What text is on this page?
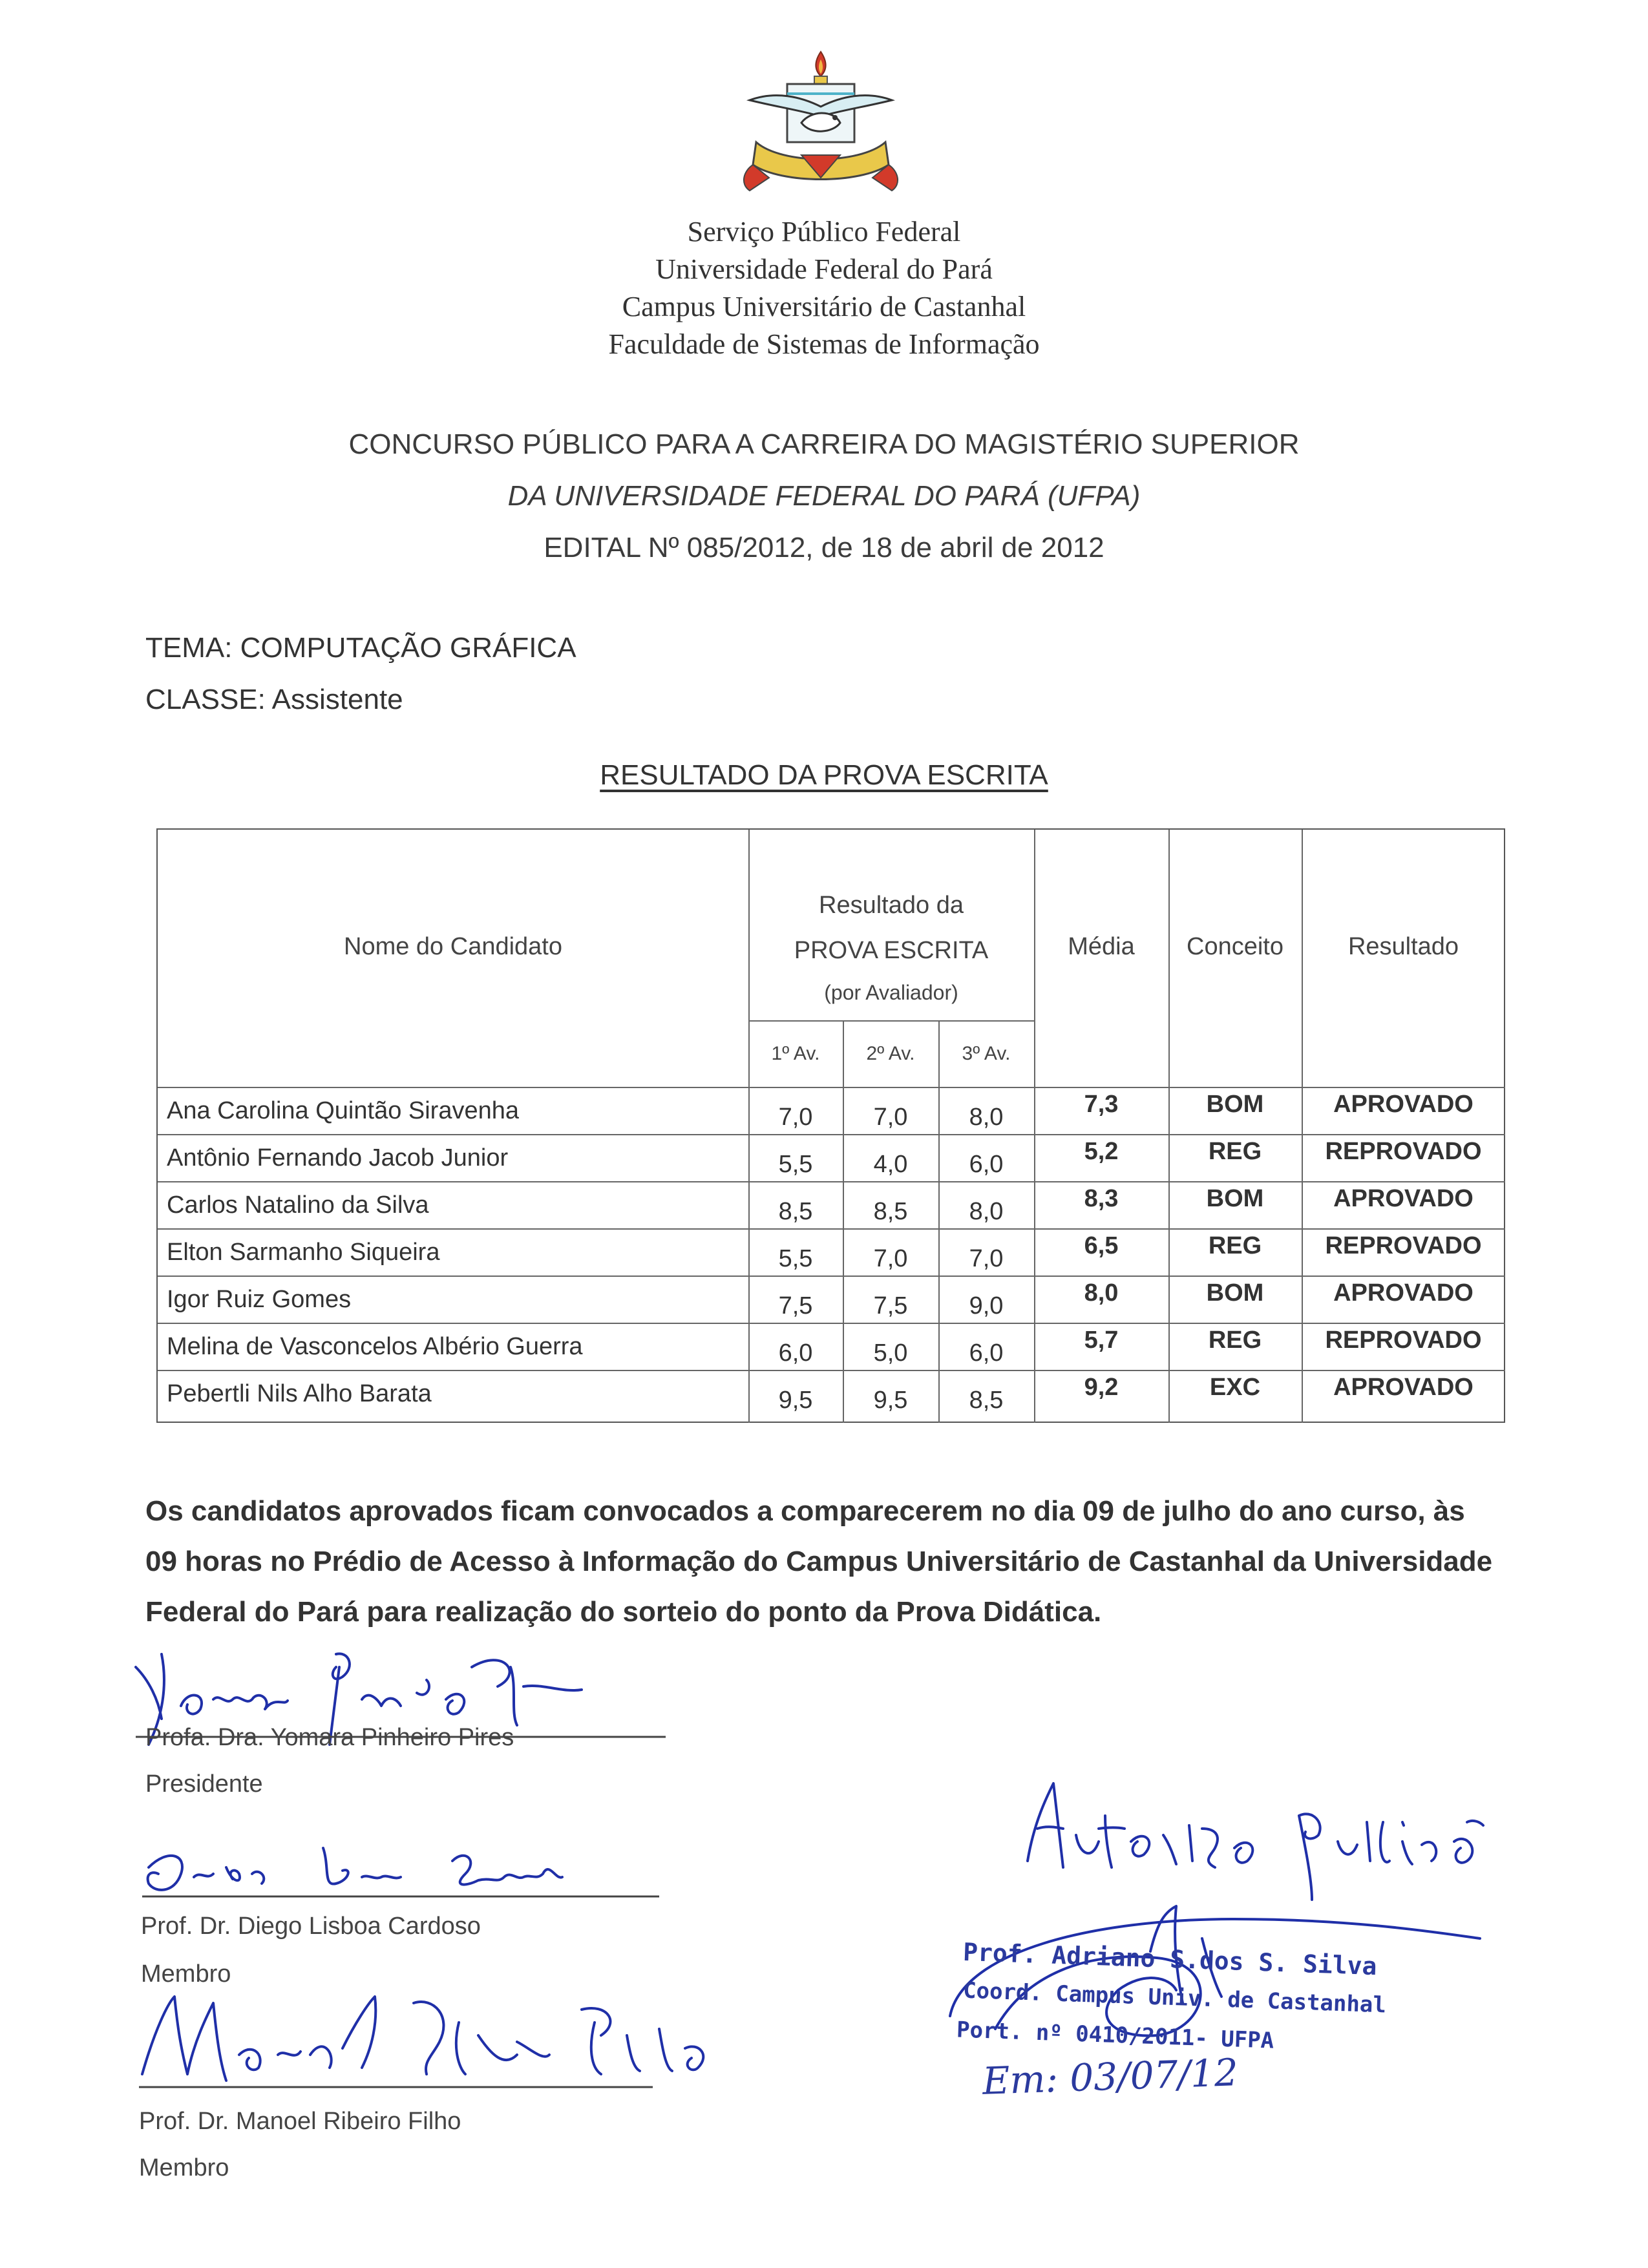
Serviço Público Federal
Universidade Federal do Pará
Campus Universitário de Castanhal
Faculdade de Sistemas de Informação
CONCURSO PÚBLICO PARA A CARREIRA DO MAGISTÉRIO SUPERIOR
DA UNIVERSIDADE FEDERAL DO PARÁ (UFPA)
EDITAL Nº 085/2012, de 18 de abril de 2012
TEMA: COMPUTAÇÃO GRÁFICA
CLASSE: Assistente
RESULTADO DA PROVA ESCRITA
Nome do Candidato
Resultado da
PROVA ESCRITA
(por Avaliador)
1º Av.	2º Av.	3º Av.
Média	Conceito	Resultado
Ana Carolina Quintão Siravenha	7,0	7,0	8,0	7,3	BOM	APROVADO
Antônio Fernando Jacob Junior	5,5	4,0	6,0	5,2	REG	REPROVADO
Carlos Natalino da Silva	8,5	8,5	8,0	8,3	BOM	APROVADO
Elton Sarmanho Siqueira	5,5	7,0	7,0	6,5	REG	REPROVADO
Igor Ruiz Gomes	7,5	7,5	9,0	8,0	BOM	APROVADO
Melina de Vasconcelos Albério Guerra	6,0	5,0	6,0	5,7	REG	REPROVADO
Pebertli Nils Alho Barata	9,5	9,5	8,5	9,2	EXC	APROVADO
Os candidatos aprovados ficam convocados a comparecerem no dia 09 de julho do ano curso, às 09 horas no Prédio de Acesso à Informação do Campus Universitário de Castanhal da Universidade Federal do Pará para realização do sorteio do ponto da Prova Didática.
Profa. Dra. Yomara Pinheiro Pires
Presidente
Prof. Dr. Diego Lisboa Cardoso
Membro
Prof. Dr. Manoel Ribeiro Filho
Membro
Prof. Adriano S.dos S. Silva
Coord. Campus Univ. de Castanhal
Port. nº 0410/2011- UFPA
Em: 03/07/12
